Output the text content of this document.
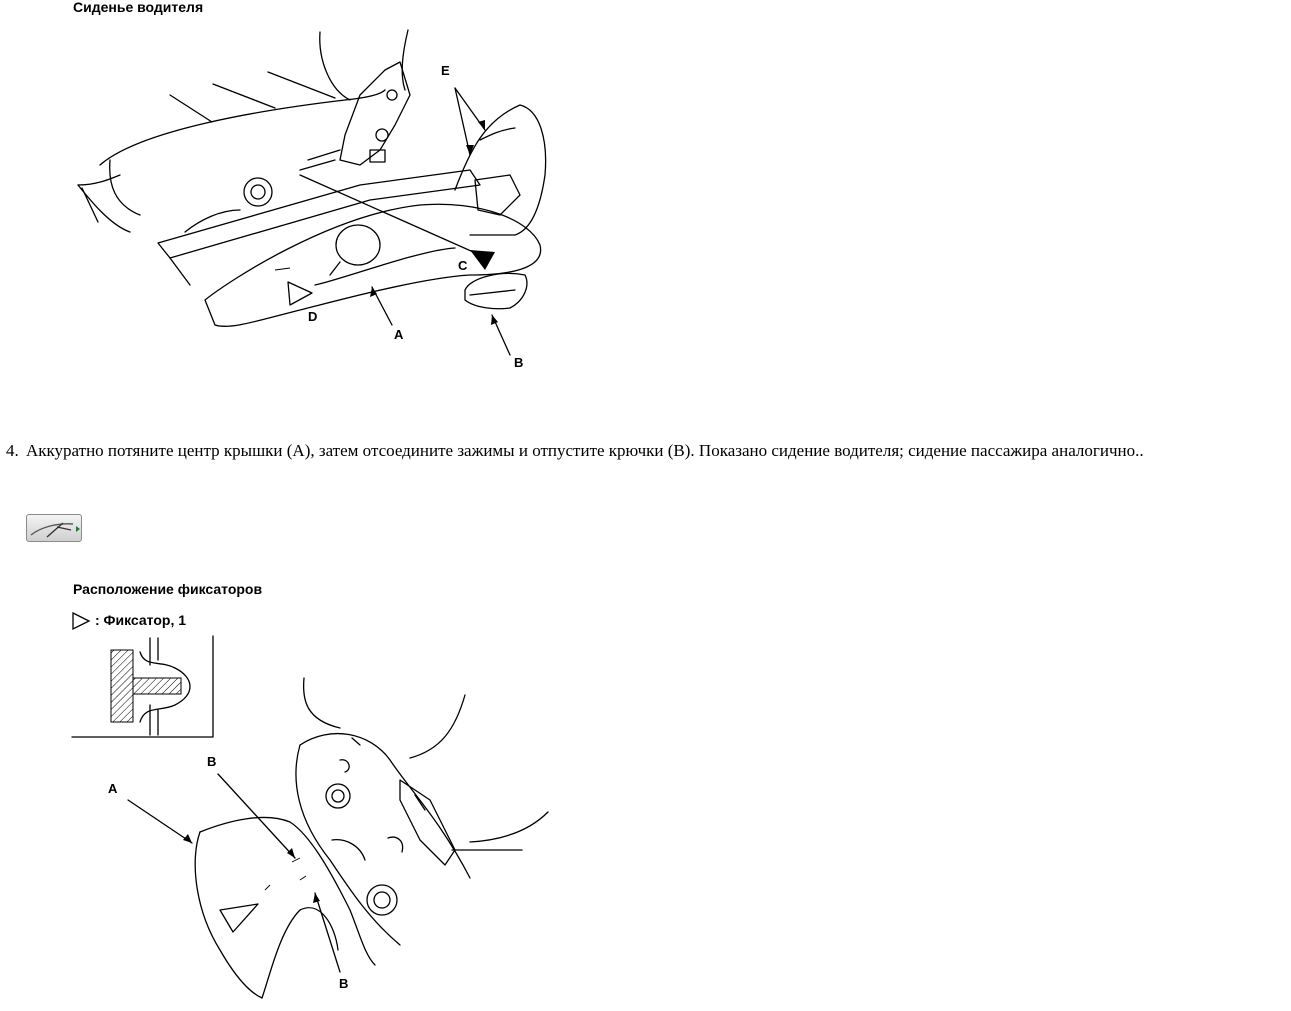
Сиденье водителя
E
C
D
A
B
4. Аккуратно потяните центр крышки (A), затем отсоедините зажимы и отпустите крючки (B). Показано сидение водителя; сидение пассажира аналогично..
Расположение фиксаторов
: Фиксатор, 1
A
B
B
